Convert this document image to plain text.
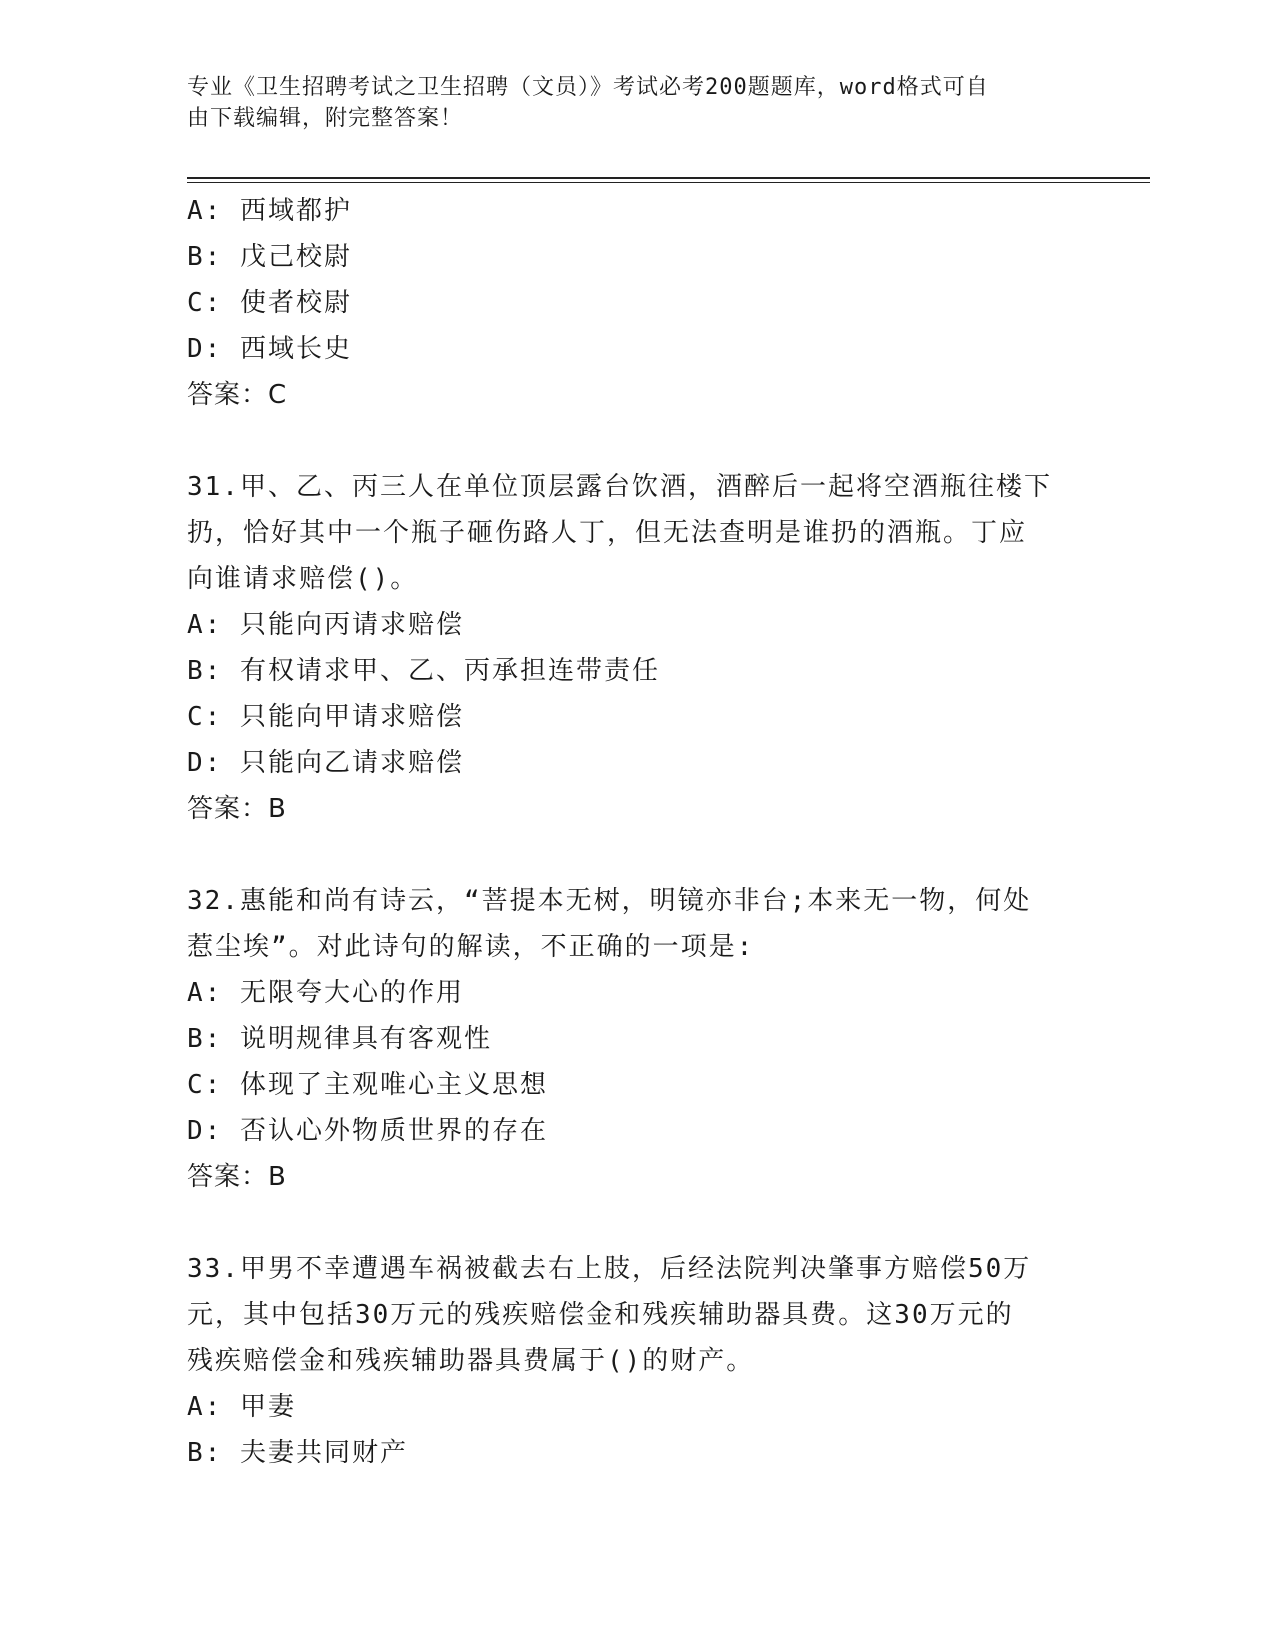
专业《卫生招聘考试之卫生招聘（文员）》考试必考200题题库，word格式可自
由下载编辑，附完整答案！
A: 西域都护
B: 戊己校尉
C: 使者校尉
D: 西域长史
答案：C
31.甲、乙、丙三人在单位顶层露台饮酒，酒醉后一起将空酒瓶往楼下
扔，恰好其中一个瓶子砸伤路人丁，但无法查明是谁扔的酒瓶。丁应
向谁请求赔偿()。
A: 只能向丙请求赔偿
B: 有权请求甲、乙、丙承担连带责任
C: 只能向甲请求赔偿
D: 只能向乙请求赔偿
答案：B
32.惠能和尚有诗云，“菩提本无树，明镜亦非台;本来无一物，何处
惹尘埃”。对此诗句的解读，不正确的一项是:
A: 无限夸大心的作用
B: 说明规律具有客观性
C: 体现了主观唯心主义思想
D: 否认心外物质世界的存在
答案：B
33.甲男不幸遭遇车祸被截去右上肢，后经法院判决肇事方赔偿50万
元，其中包括30万元的残疾赔偿金和残疾辅助器具费。这30万元的
残疾赔偿金和残疾辅助器具费属于()的财产。
A: 甲妻
B: 夫妻共同财产
